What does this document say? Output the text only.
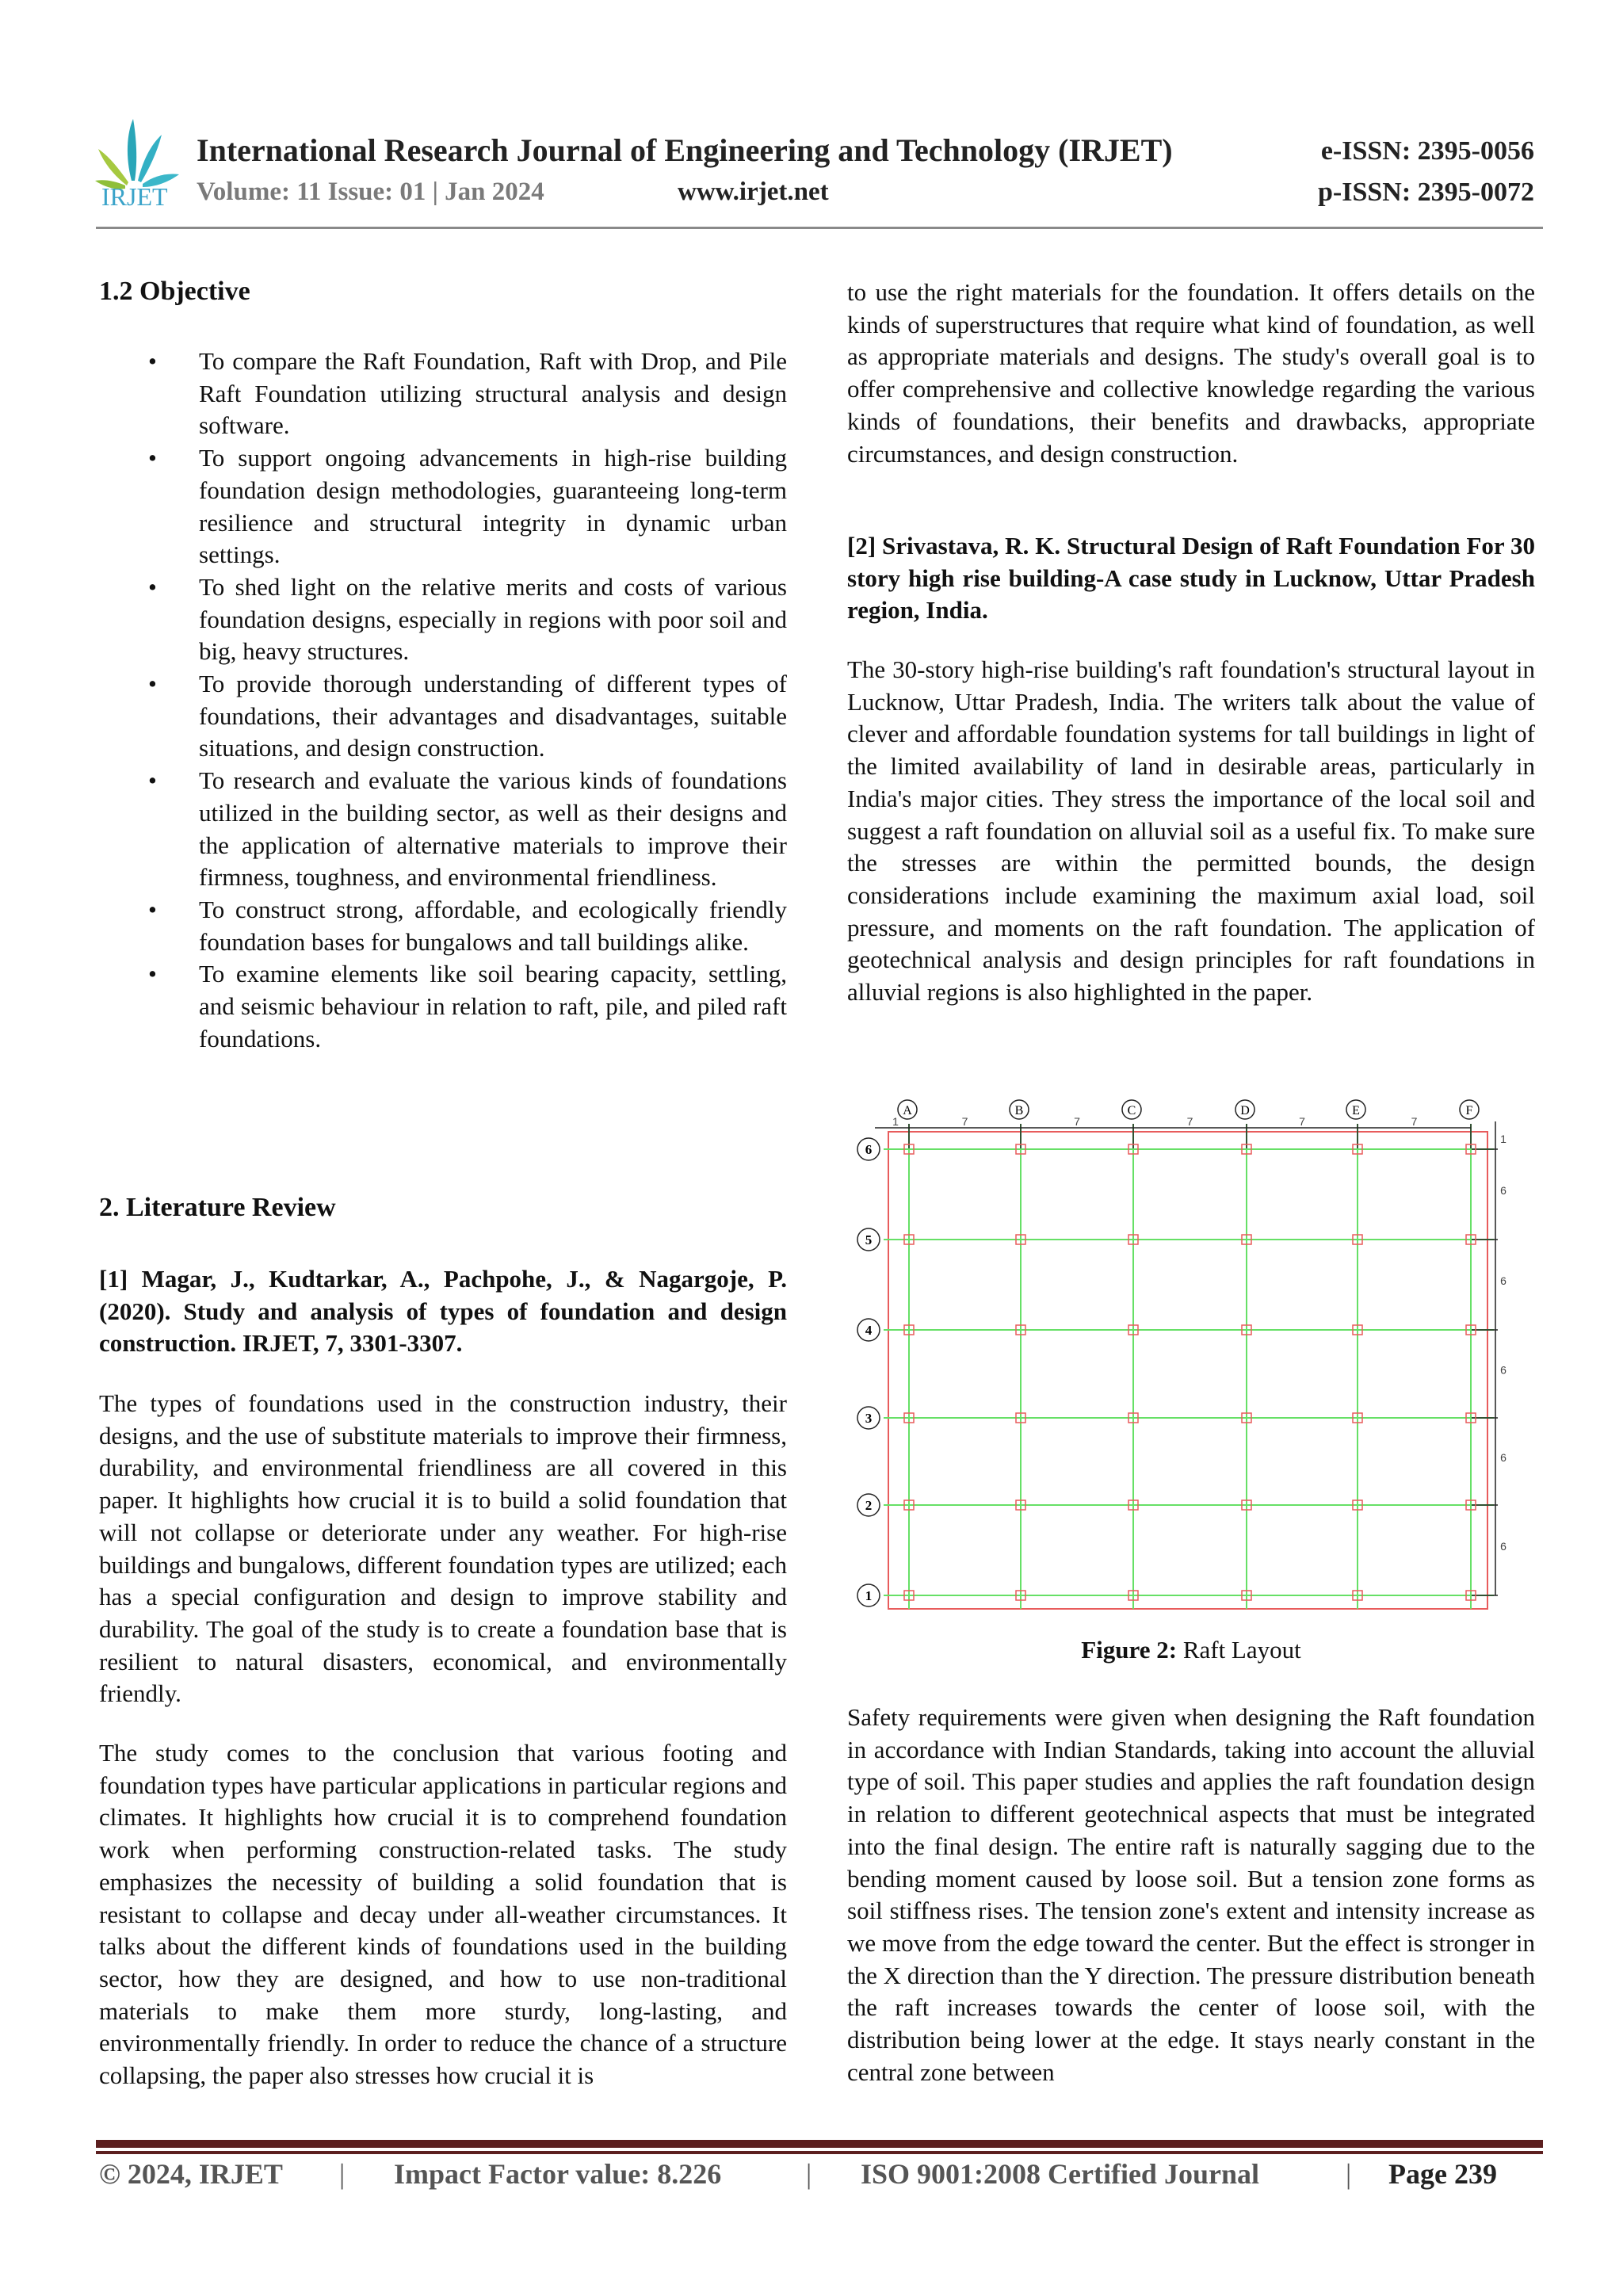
IRJET
International Research Journal of Engineering and Technology (IRJET)
Volume: 11 Issue: 01 | Jan 2024	www.irjet.net
e-ISSN: 2395-0056
p-ISSN: 2395-0072
1.2 Objective
• To compare the Raft Foundation, Raft with Drop, and Pile Raft Foundation utilizing structural analysis and design software.
• To support ongoing advancements in high-rise building foundation design methodologies, guaranteeing long-term resilience and structural integrity in dynamic urban settings.
• To shed light on the relative merits and costs of various foundation designs, especially in regions with poor soil and big, heavy structures.
• To provide thorough understanding of different types of foundations, their advantages and disadvantages, suitable situations, and design construction.
• To research and evaluate the various kinds of foundations utilized in the building sector, as well as their designs and the application of alternative materials to improve their firmness, toughness, and environmental friendliness.
• To construct strong, affordable, and ecologically friendly foundation bases for bungalows and tall buildings alike.
• To examine elements like soil bearing capacity, settling, and seismic behaviour in relation to raft, pile, and piled raft foundations.
2. Literature Review

[1] Magar, J., Kudtarkar, A., Pachpohe, J., & Nagargoje, P. (2020). Study and analysis of types of foundation and design construction. IRJET, 7, 3301-3307.

The types of foundations used in the construction industry, their designs, and the use of substitute materials to improve their firmness, durability, and environmental friendliness are all covered in this paper. It highlights how crucial it is to build a solid foundation that will not collapse or deteriorate under any weather. For high-rise buildings and bungalows, different foundation types are utilized; each has a special configuration and design to improve stability and durability. The goal of the study is to create a foundation base that is resilient to natural disasters, economical, and environmentally friendly.

The study comes to the conclusion that various footing and foundation types have particular applications in particular regions and climates. It highlights how crucial it is to comprehend foundation work when performing construction-related tasks. The study emphasizes the necessity of building a solid foundation that is resistant to collapse and decay under all-weather circumstances. It talks about the different kinds of foundations used in the building sector, how they are designed, and how to use non-traditional materials to make them more sturdy, long-lasting, and environmentally friendly. In order to reduce the chance of a structure collapsing, the paper also stresses how crucial it is

to use the right materials for the foundation. It offers details on the kinds of superstructures that require what kind of foundation, as well as appropriate materials and designs. The study's overall goal is to offer comprehensive and collective knowledge regarding the various kinds of foundations, their benefits and drawbacks, appropriate circumstances, and design construction.

[2] Srivastava, R. K. Structural Design of Raft Foundation For 30 story high rise building-A case study in Lucknow, Uttar Pradesh region, India.

The 30-story high-rise building's raft foundation's structural layout in Lucknow, Uttar Pradesh, India. The writers talk about the value of clever and affordable foundation systems for tall buildings in light of the limited availability of land in desirable areas, particularly in India's major cities. They stress the importance of the local soil and suggest a raft foundation on alluvial soil as a useful fix. To make sure the stresses are within the permitted bounds, the design considerations include examining the maximum axial load, soil pressure, and moments on the raft foundation. The application of geotechnical analysis and design principles for raft foundations in alluvial regions is also highlighted in the paper.

A	B	C	D	E	F
1	7	7	7	7	7
6
5
4
3
2
1
1
6
6
6
6
6
Figure 2: Raft Layout

Safety requirements were given when designing the Raft foundation in accordance with Indian Standards, taking into account the alluvial type of soil. This paper studies and applies the raft foundation design in relation to different geotechnical aspects that must be integrated into the final design. The entire raft is naturally sagging due to the bending moment caused by loose soil. But a tension zone forms as soil stiffness rises. The tension zone's extent and intensity increase as we move from the edge toward the center. But the effect is stronger in the X direction than the Y direction. The pressure distribution beneath the raft increases towards the center of loose soil, with the distribution being lower at the edge. It stays nearly constant in the central zone between

© 2024, IRJET | Impact Factor value: 8.226	| ISO 9001:2008 Certified Journal	| Page 239
